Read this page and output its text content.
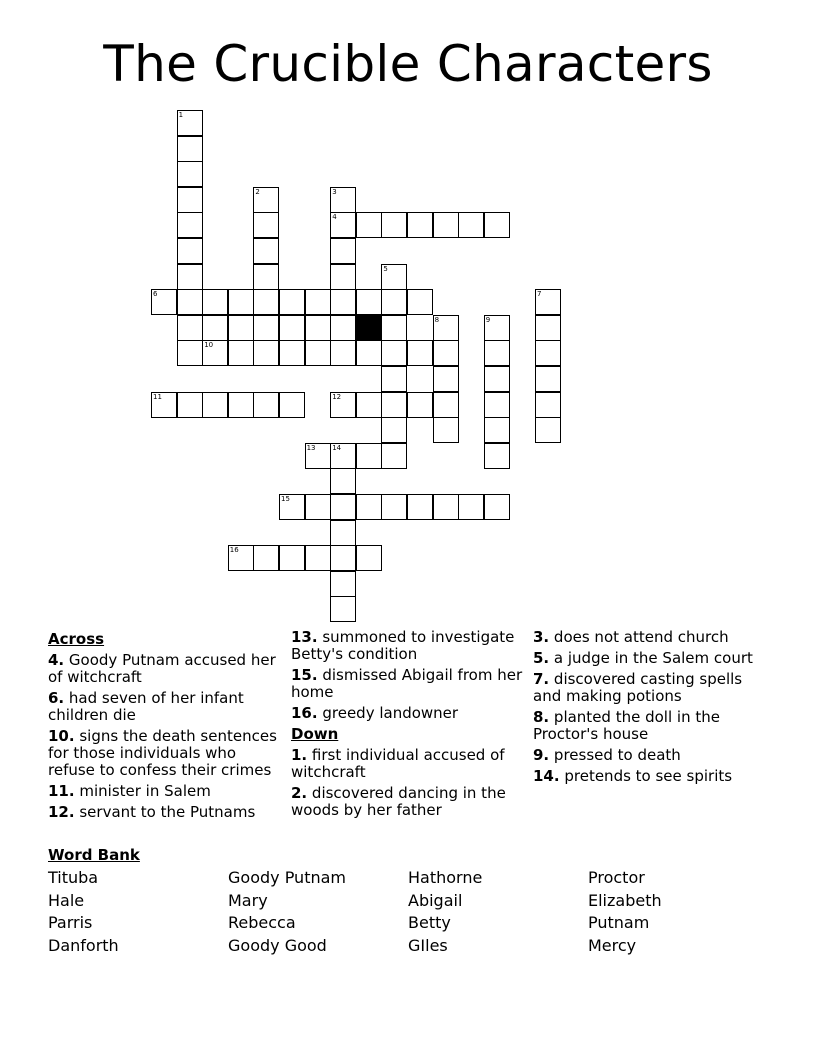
The Crucible Characters
1
2	3
4
5
6	7
8	9
10
11	12
13 14
15
16
Across
4. Goody Putnam accused her of witchcraft
6. had seven of her infant children die
10. signs the death sentences for those individuals who refuse to confess their crimes
11. minister in Salem
12. servant to the Putnams
13. summoned to investigate Betty's condition
15. dismissed Abigail from her home
16. greedy landowner
Down
1. first individual accused of witchcraft
2. discovered dancing in the woods by her father
3. does not attend church
5. a judge in the Salem court
7. discovered casting spells and making potions
8. planted the doll in the Proctor's house
9. pressed to death
14. pretends to see spirits
Word Bank
Tituba	Goody Putnam	Hathorne	Proctor
Hale	Mary	Abigail	Elizabeth
Parris	Rebecca	Betty	Putnam
Danforth	Goody Good	GIles	Mercy
